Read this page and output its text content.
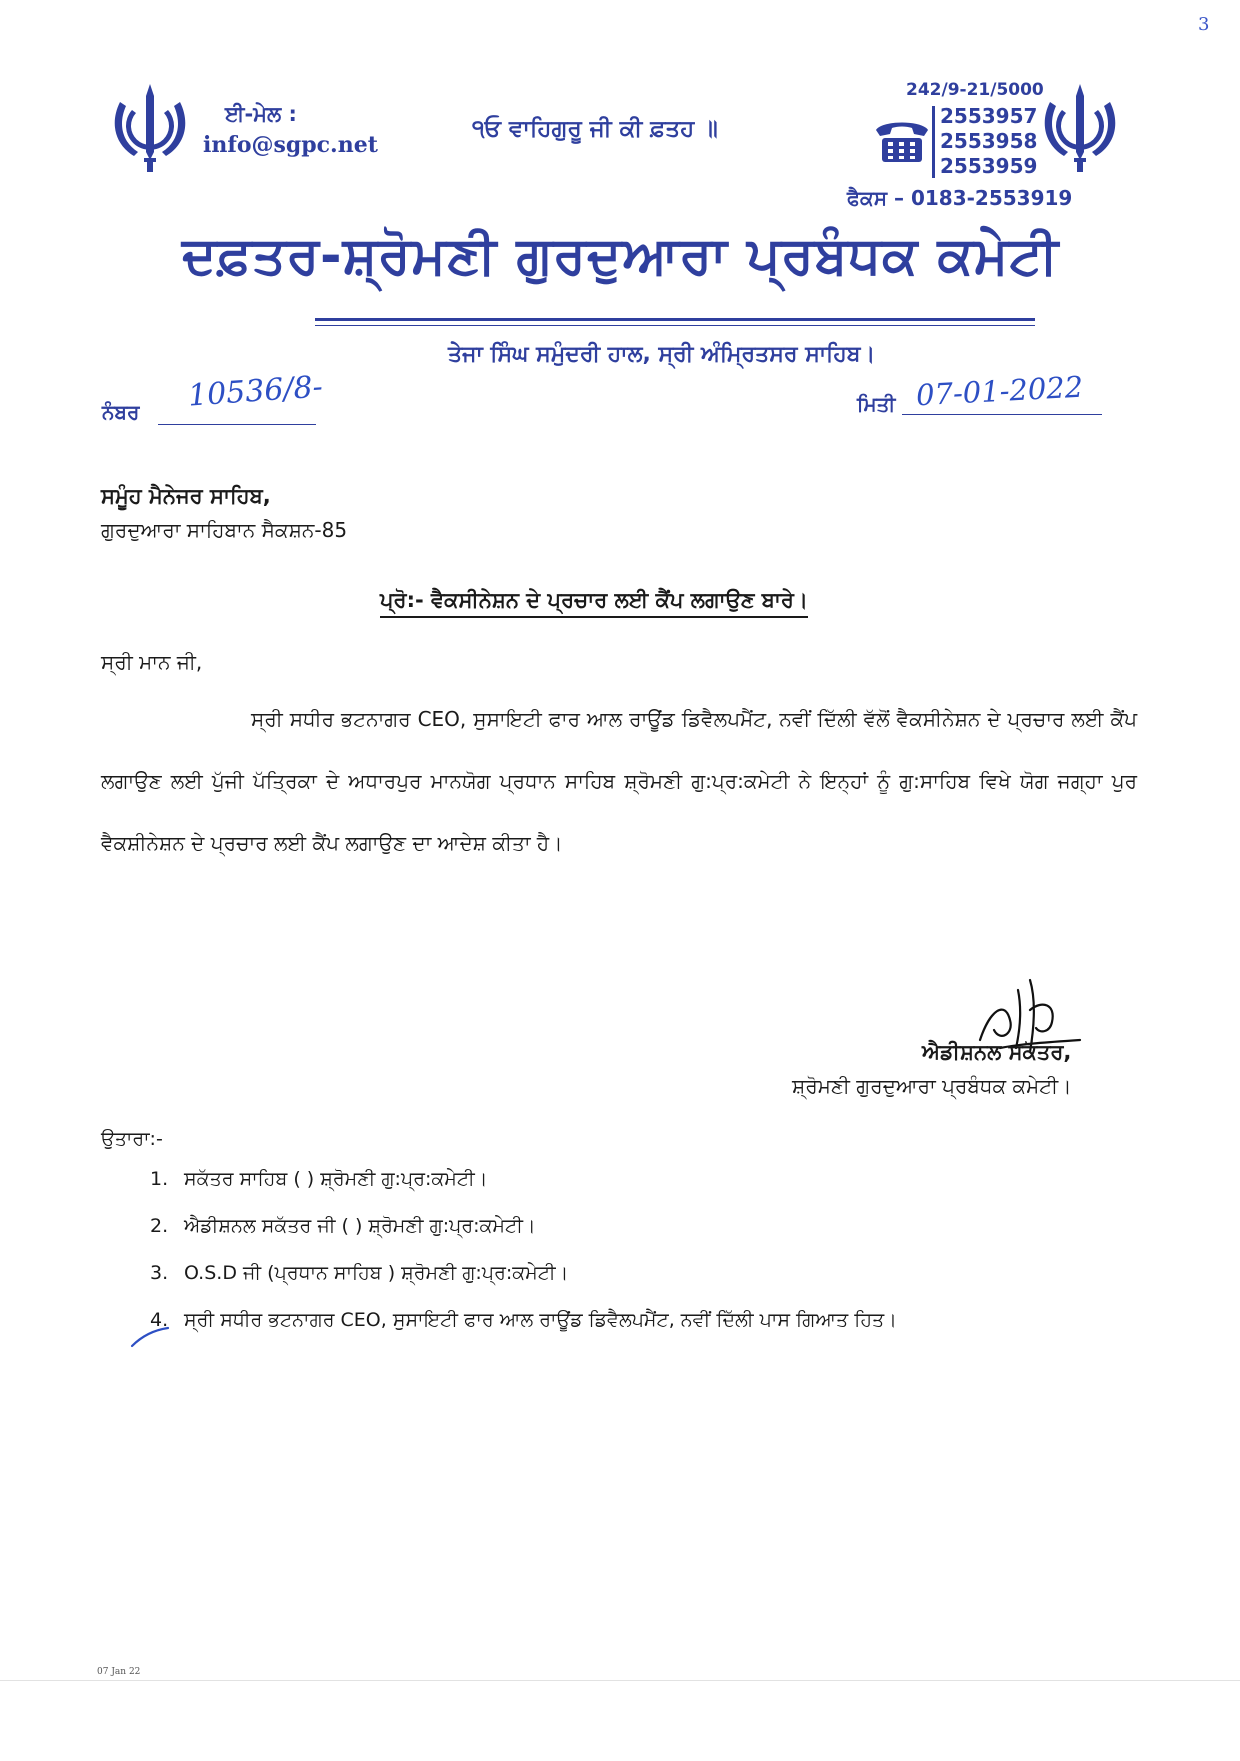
3
ਈ-ਮੇਲ :
info@sgpc.net
੧ਓ ਵਾਹਿਗੁਰੂ ਜੀ ਕੀ ਫ਼ਤਹ ॥
242/9-21/5000
2553957
2553958
2553959
ਫੈਕਸ – 0183-2553919
ਦਫ਼ਤਰ-ਸ਼੍ਰੋਮਣੀ ਗੁਰਦੁਆਰਾ ਪ੍ਰਬੰਧਕ ਕਮੇਟੀ
ਤੇਜਾ ਸਿੰਘ ਸਮੁੰਦਰੀ ਹਾਲ, ਸ੍ਰੀ ਅੰਮ੍ਰਿਤਸਰ ਸਾਹਿਬ।
ਨੰਬਰ 10536/8-	ਮਿਤੀ 07-01-2022
ਸਮੂੰਹ ਮੈਨੇਜਰ ਸਾਹਿਬ,
ਗੁਰਦੁਆਰਾ ਸਾਹਿਬਾਨ ਸੈਕਸ਼ਨ-85
ਪ੍ਰੋ:- ਵੈਕਸੀਨੇਸ਼ਨ ਦੇ ਪ੍ਰਚਾਰ ਲਈ ਕੈਂਪ ਲਗਾਉਣ ਬਾਰੇ।
ਸ੍ਰੀ ਮਾਨ ਜੀ,
ਸ੍ਰੀ ਸਧੀਰ ਭਟਨਾਗਰ CEO, ਸੁਸਾਇਟੀ ਫਾਰ ਆਲ ਰਾਊਂਡ ਡਿਵੈਲਪਮੈਂਟ, ਨਵੀਂ ਦਿੱਲੀ ਵੱਲੋਂ ਵੈਕਸੀਨੇਸ਼ਨ ਦੇ ਪ੍ਰਚਾਰ ਲਈ ਕੈਂਪ ਲਗਾਉਣ ਲਈ ਪੁੱਜੀ ਪੱਤ੍ਰਿਕਾ ਦੇ ਅਧਾਰਪੁਰ ਮਾਨਯੋਗ ਪ੍ਰਧਾਨ ਸਾਹਿਬ ਸ਼੍ਰੋਮਣੀ ਗੁ:ਪ੍ਰ:ਕਮੇਟੀ ਨੇ ਇਨ੍ਹਾਂ ਨੂੰ ਗੁ:ਸਾਹਿਬ ਵਿਖੇ ਯੋਗ ਜਗ੍ਹਾ ਪੁਰ ਵੈਕਸ਼ੀਨੇਸ਼ਨ ਦੇ ਪ੍ਰਚਾਰ ਲਈ ਕੈਂਪ ਲਗਾਉਣ ਦਾ ਆਦੇਸ਼ ਕੀਤਾ ਹੈ।
ਐਡੀਸ਼ਨਲ ਸਕੱਤਰ,
ਸ਼੍ਰੋਮਣੀ ਗੁਰਦੁਆਰਾ ਪ੍ਰਬੰਧਕ ਕਮੇਟੀ।
ਉਤਾਰਾ:-
1. ਸਕੱਤਰ ਸਾਹਿਬ ( ) ਸ਼੍ਰੋਮਣੀ ਗੁ:ਪ੍ਰ:ਕਮੇਟੀ।
2. ਐਡੀਸ਼ਨਲ ਸਕੱਤਰ ਜੀ ( ) ਸ਼੍ਰੋਮਣੀ ਗੁ:ਪ੍ਰ:ਕਮੇਟੀ।
3. O.S.D ਜੀ (ਪ੍ਰਧਾਨ ਸਾਹਿਬ ) ਸ਼੍ਰੋਮਣੀ ਗੁ:ਪ੍ਰ:ਕਮੇਟੀ।
4. ਸ੍ਰੀ ਸਧੀਰ ਭਟਨਾਗਰ CEO, ਸੁਸਾਇਟੀ ਫਾਰ ਆਲ ਰਾਊਂਡ ਡਿਵੈਲਪਮੈਂਟ, ਨਵੀਂ ਦਿੱਲੀ ਪਾਸ ਗਿਆਤ ਹਿਤ।
07 Jan 22
